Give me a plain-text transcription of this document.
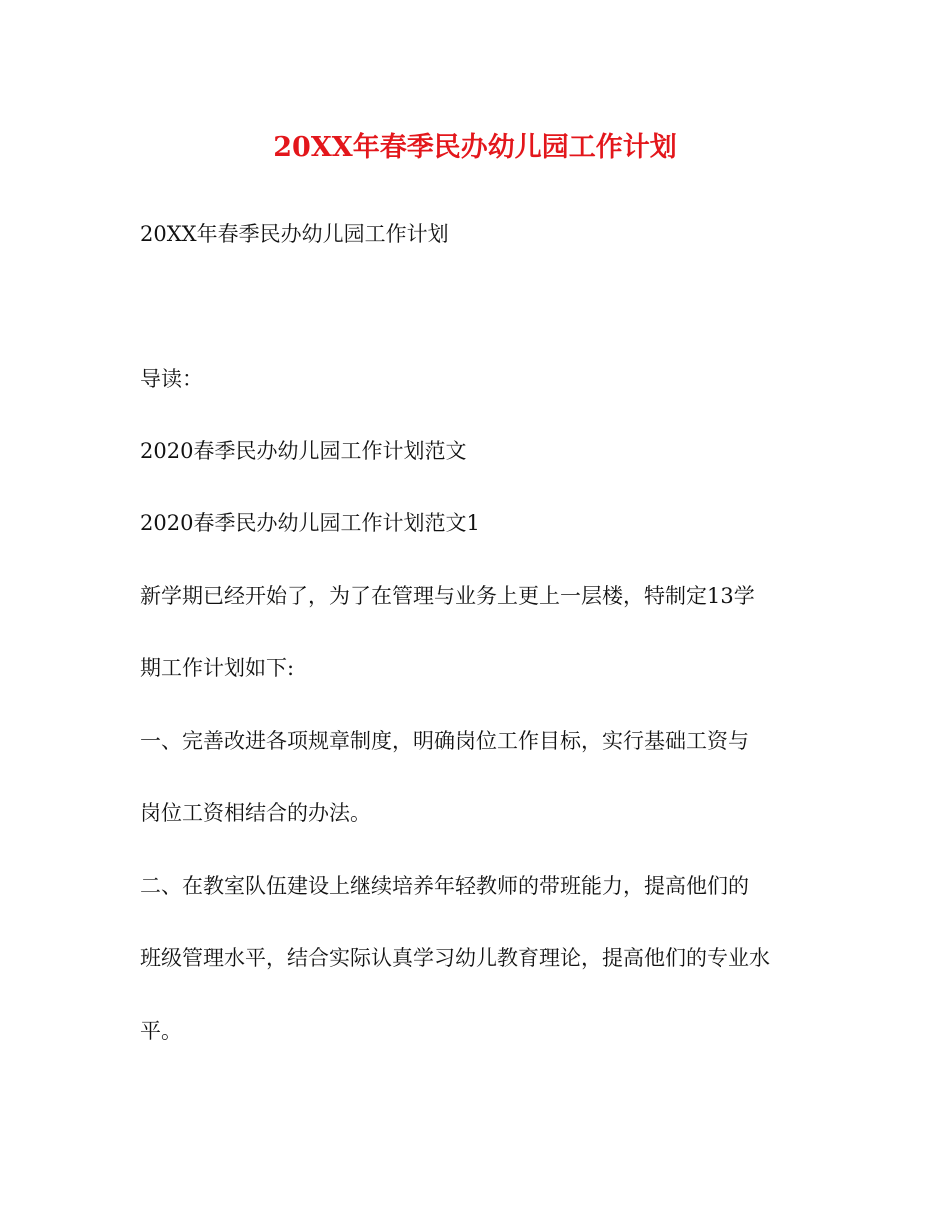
20XX年春季民办幼儿园工作计划
20XX年春季民办幼儿园工作计划
导读：
2020春季民办幼儿园工作计划范文
2020春季民办幼儿园工作计划范文1
新学期已经开始了，为了在管理与业务上更上一层楼，特制定13学
期工作计划如下:
一、完善改进各项规章制度，明确岗位工作目标，实行基础工资与
岗位工资相结合的办法。
二、在教室队伍建设上继续培养年轻教师的带班能力，提高他们的
班级管理水平，结合实际认真学习幼儿教育理论，提高他们的专业水
平。
